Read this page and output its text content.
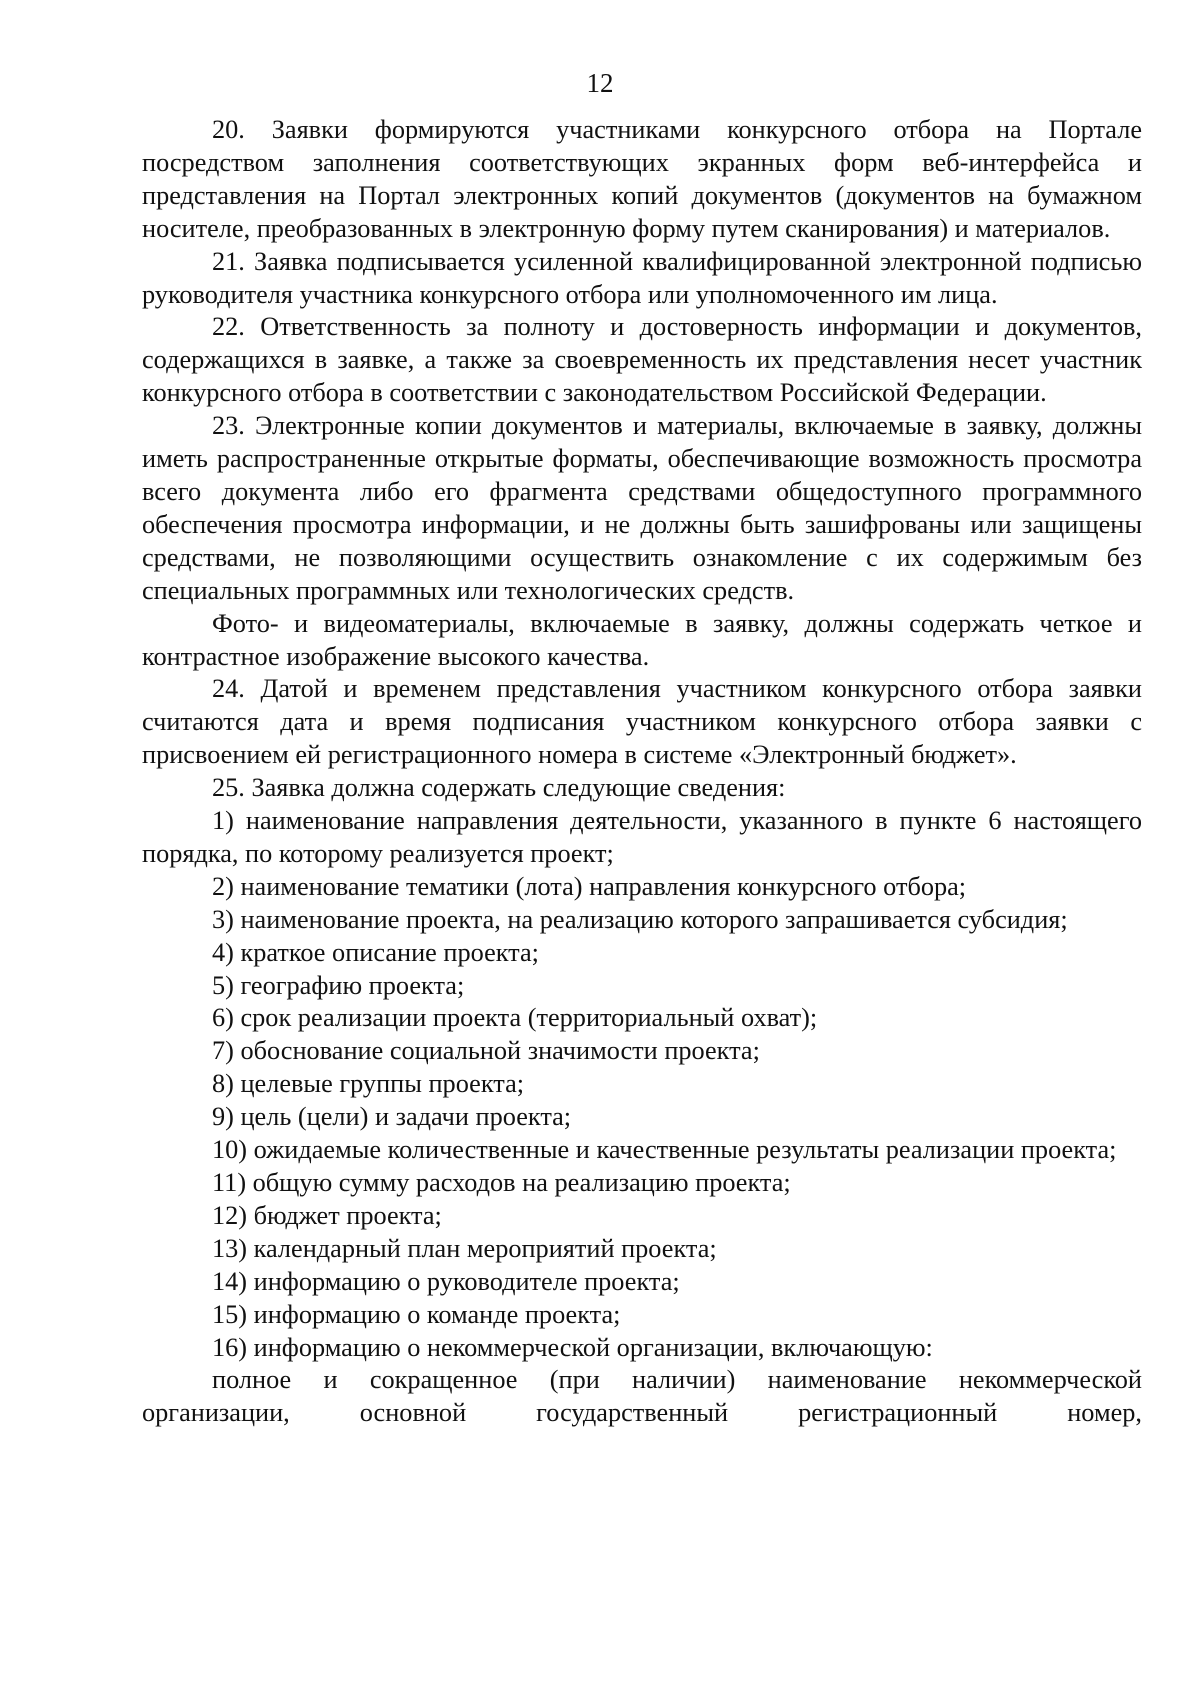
12

20. Заявки формируются участниками конкурсного отбора на Портале посредством заполнения соответствующих экранных форм веб-интерфейса и представления на Портал электронных копий документов (документов на бумажном носителе, преобразованных в электронную форму путем сканирования) и материалов.

21. Заявка подписывается усиленной квалифицированной электронной подписью руководителя участника конкурсного отбора или уполномоченного им лица.

22. Ответственность за полноту и достоверность информации и документов, содержащихся в заявке, а также за своевременность их представления несет участник конкурсного отбора в соответствии с законодательством Российской Федерации.

23. Электронные копии документов и материалы, включаемые в заявку, должны иметь распространенные открытые форматы, обеспечивающие возможность просмотра всего документа либо его фрагмента средствами общедоступного программного обеспечения просмотра информации, и не должны быть зашифрованы или защищены средствами, не позволяющими осуществить ознакомление с их содержимым без специальных программных или технологических средств.

Фото- и видеоматериалы, включаемые в заявку, должны содержать четкое и контрастное изображение высокого качества.

24. Датой и временем представления участником конкурсного отбора заявки считаются дата и время подписания участником конкурсного отбора заявки с присвоением ей регистрационного номера в системе «Электронный бюджет».

25. Заявка должна содержать следующие сведения:

1) наименование направления деятельности, указанного в пункте 6 настоящего порядка, по которому реализуется проект;

2) наименование тематики (лота) направления конкурсного отбора;

3) наименование проекта, на реализацию которого запрашивается субсидия;

4) краткое описание проекта;

5) географию проекта;

6) срок реализации проекта (территориальный охват);

7) обоснование социальной значимости проекта;

8) целевые группы проекта;

9) цель (цели) и задачи проекта;

10) ожидаемые количественные и качественные результаты реализации проекта;

11) общую сумму расходов на реализацию проекта;

12) бюджет проекта;

13) календарный план мероприятий проекта;

14) информацию о руководителе проекта;

15) информацию о команде проекта;

16) информацию о некоммерческой организации, включающую:

полное и сокращенное (при наличии) наименование некоммерческой организации, основной государственный регистрационный номер,
